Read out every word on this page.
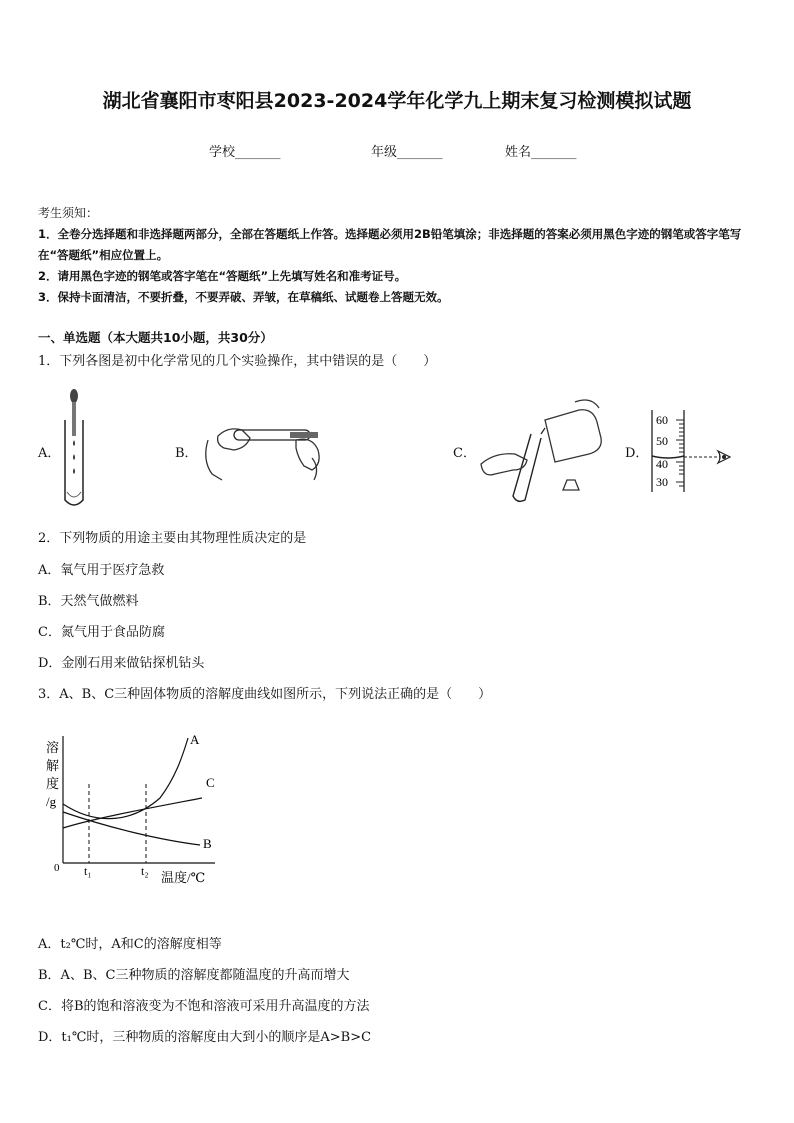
湖北省襄阳市枣阳县2023-2024学年化学九上期末复习检测模拟试题
学校_______	年级_______	姓名_______
考生须知：
1．全卷分选择题和非选择题两部分，全部在答题纸上作答。选择题必须用2B铅笔填涂；非选择题的答案必须用黑色字迹的钢笔或答字笔写在“答题纸”相应位置上。
2．请用黑色字迹的钢笔或答字笔在“答题纸”上先填写姓名和准考证号。
3．保持卡面清洁，不要折叠，不要弄破、弄皱，在草稿纸、试题卷上答题无效。
一、单选题（本大题共10小题，共30分）
1．下列各图是初中化学常见的几个实验操作，其中错误的是（　　）
A．	B．	C．	D．
60
50
40
30
2．下列物质的用途主要由其物理性质决定的是
A．氧气用于医疗急救
B．天然气做燃料
C．氮气用于食品防腐
D．金刚石用来做钻探机钻头
3．A、B、C三种固体物质的溶解度曲线如图所示，下列说法正确的是（　　）
溶
解
度
/g
0 t₁	t₂ 温度/℃
A
C
B
A．t₂℃时，A和C的溶解度相等
B．A、B、C三种物质的溶解度都随温度的升高而增大
C．将B的饱和溶液变为不饱和溶液可采用升高温度的方法
D．t₁℃时，三种物质的溶解度由大到小的顺序是A>B>C
